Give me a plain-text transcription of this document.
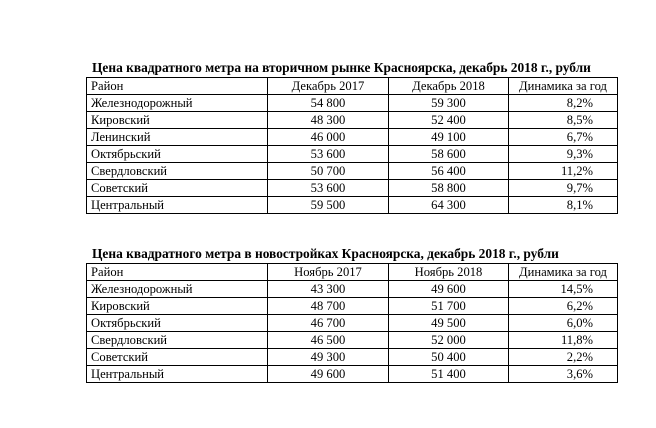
Цена квадратного метра на вторичном рынке Красноярска, декабрь 2018 г., рубли
Район	Декабрь 2017	Декабрь 2018	Динамика за год
Железнодорожный	54 800	59 300	8,2%
Кировский	48 300	52 400	8,5%
Ленинский	46 000	49 100	6,7%
Октябрьский	53 600	58 600	9,3%
Свердловский	50 700	56 400	11,2%
Советский	53 600	58 800	9,7%
Центральный	59 500	64 300	8,1%
Цена квадратного метра в новостройках Красноярска, декабрь 2018 г., рубли
Район	Ноябрь 2017	Ноябрь 2018	Динамика за год
Железнодорожный	43 300	49 600	14,5%
Кировский	48 700	51 700	6,2%
Октябрьский	46 700	49 500	6,0%
Свердловский	46 500	52 000	11,8%
Советский	49 300	50 400	2,2%
Центральный	49 600	51 400	3,6%
